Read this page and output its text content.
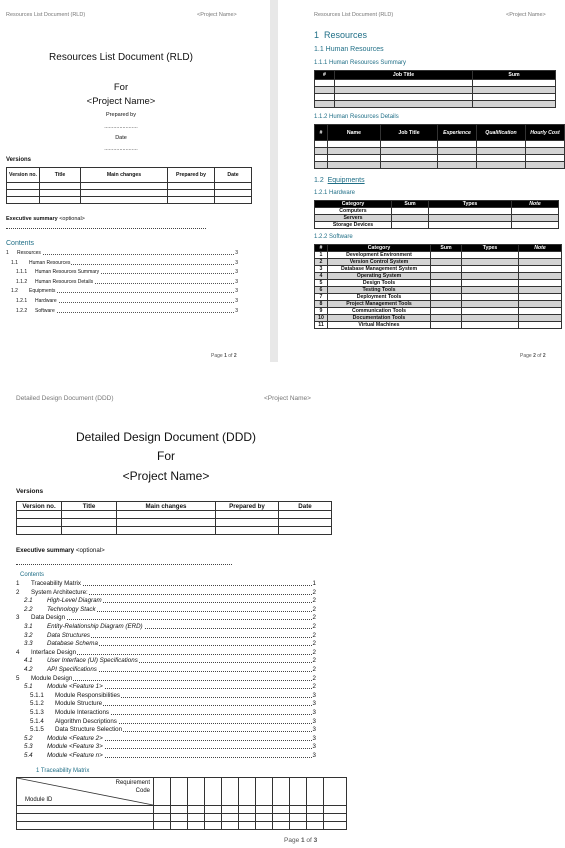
Resources List Document (RLD)	<Project Name>
Resources List Document (RLD)
For
<Project Name>
Prepared by
......................
Date
......................
Versions
Version no.	Title	Main changes	Prepared by	Date

Executive summary <optional>
Contents
1 Resources	3
1.1 Human Resources	3
1.1.1 Human Resources Summary	3
1.1.2 Human Resources Details	3
1.2 Equipments	3
1.2.1 Hardware	3
1.2.2 Software	3
Page 1 of 2
Resources List Document (RLD)	<Project Name>
1 Resources
1.1 Human Resources
1.1.1 Human Resources Summary
#	Job Title	Sum

1.1.2 Human Resources Details
#	Name	Job Title	Experience	Qualification	Hourly Cost

1.2 Equipments
1.2.1 Hardware
Category	Sum	Types	Note
Computers			
Servers			
Storage Devices			
1.2.2 Software
#	Category	Sum	Types	Note
1	Development Environment			
2	Version Control System			
3	Database Management System			
4	Operating System			
5	Design Tools			
6	Testing Tools			
7	Deployment Tools			
8	Project Management Tools			
9	Communication Tools			
10	Documentation Tools			
11	Virtual Machines			
Page 2 of 2
Detailed Design Document (DDD)	<Project Name>
Detailed Design Document (DDD)
For
<Project Name>
Versions
Version no.	Title	Main changes	Prepared by	Date

Executive summary <optional>
Contents
1 Traceability Matrix	1
2 System Architecture:	2
2.1 High-Level Diagram	2
2.2 Technology Stack	2
3 Data Design	2
3.1 Entity-Relationship Diagram (ERD)	2
3.2 Data Structures	2
3.3 Database Schema	2
4 Interface Design	2
4.1 User Interface (UI) Specifications	2
4.2 API Specifications	2
5 Module Design	2
5.1 Module <Feature 1>	2
5.1.1 Module Responsibilities	3
5.1.2 Module Structure	3
5.1.3 Module Interactions	3
5.1.4 Algorithm Descriptions	3
5.1.5 Data Structure Selection	3
5.2 Module <Feature 2>	3
5.3 Module <Feature 3>	3
5.4 Module <Feature n>	3
1 Traceability Matrix
Requirement
Code
Module ID											

Page 1 of 3
